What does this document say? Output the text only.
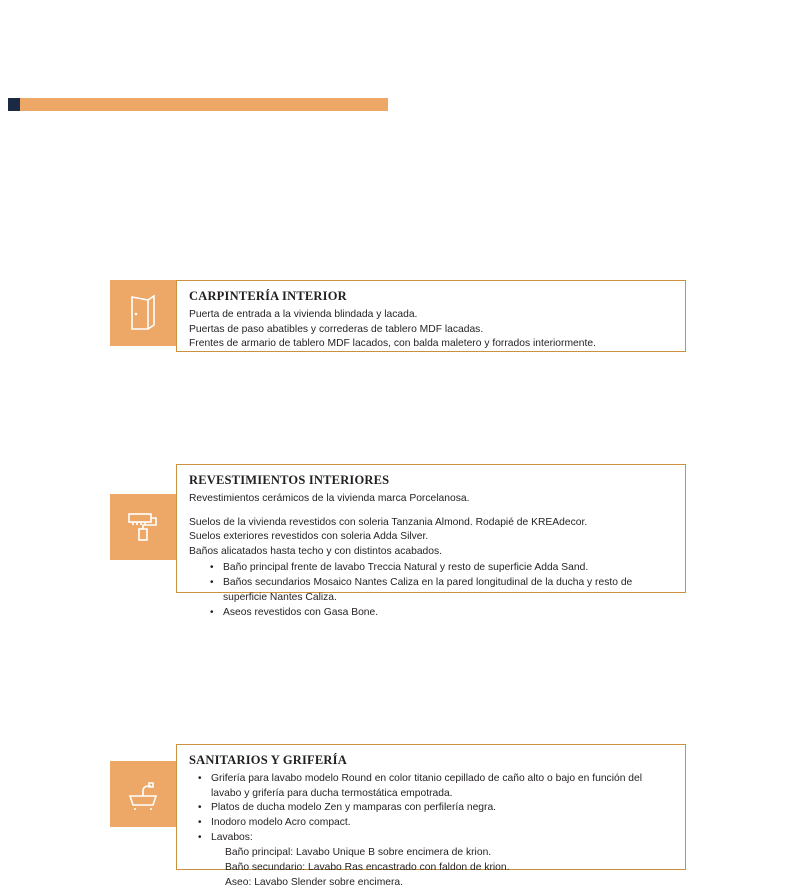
CARPINTERÍA INTERIOR

Puerta de entrada a la vivienda blindada y lacada.

Puertas de paso abatibles y correderas de tablero MDF lacadas.

Frentes de armario de tablero MDF lacados, con balda maletero y forrados interiormente.

REVESTIMIENTOS INTERIORES

Revestimientos cerámicos de la vivienda marca Porcelanosa.

Suelos de la vivienda revestidos con soleria Tanzania Almond. Rodapié de KREAdecor.

Suelos exteriores revestidos con soleria Adda Silver.

Baños alicatados hasta techo y con distintos acabados.

• Baño principal frente de lavabo Treccia Natural y resto de superficie Adda Sand.
• Baños secundarios Mosaico Nantes Caliza en la pared longitudinal de la ducha y resto de superficie Nantes Caliza.
• Aseos revestidos con Gasa Bone.
SANITARIOS Y GRIFERÍA
• Grifería para lavabo modelo Round en color titanio cepillado de caño alto o bajo en función del lavabo y grifería para ducha termostática empotrada.
• Platos de ducha modelo Zen y mamparas con perfilería negra.
• Inodoro modelo Acro compact.
• Lavabos:

Baño principal: Lavabo Unique B sobre encimera de krion.

Baño secundario: Lavabo Ras encastrado con faldon de krion.

Aseo: Lavabo Slender sobre encimera.
